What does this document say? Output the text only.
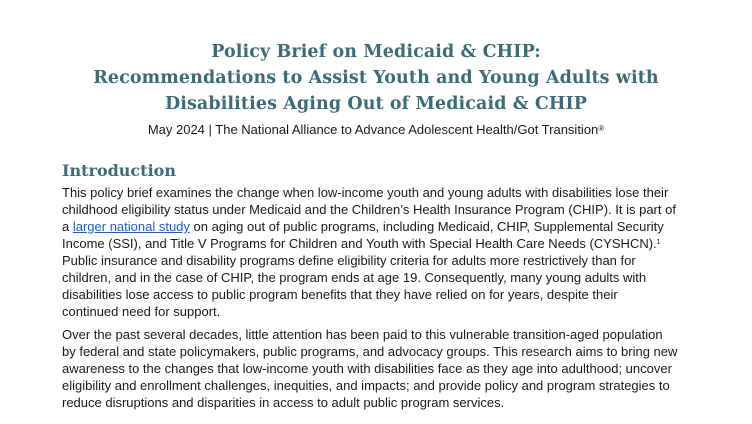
Policy Brief on Medicaid & CHIP:
Recommendations to Assist Youth and Young Adults with
Disabilities Aging Out of Medicaid & CHIP
May 2024 | The National Alliance to Advance Adolescent Health/Got Transition®
Introduction
This policy brief examines the change when low-income youth and young adults with disabilities lose their
childhood eligibility status under Medicaid and the Children’s Health Insurance Program (CHIP). It is part of
a larger national study on aging out of public programs, including Medicaid, CHIP, Supplemental Security
Income (SSI), and Title V Programs for Children and Youth with Special Health Care Needs (CYSHCN).$^1$
Public insurance and disability programs define eligibility criteria for adults more restrictively than for
children, and in the case of CHIP, the program ends at age 19. Consequently, many young adults with
disabilities lose access to public program benefits that they have relied on for years, despite their
continued need for support.
Over the past several decades, little attention has been paid to this vulnerable transition-aged population
by federal and state policymakers, public programs, and advocacy groups. This research aims to bring new
awareness to the changes that low-income youth with disabilities face as they age into adulthood; uncover
eligibility and enrollment challenges, inequities, and impacts; and provide policy and program strategies to
reduce disruptions and disparities in access to adult public program services.
